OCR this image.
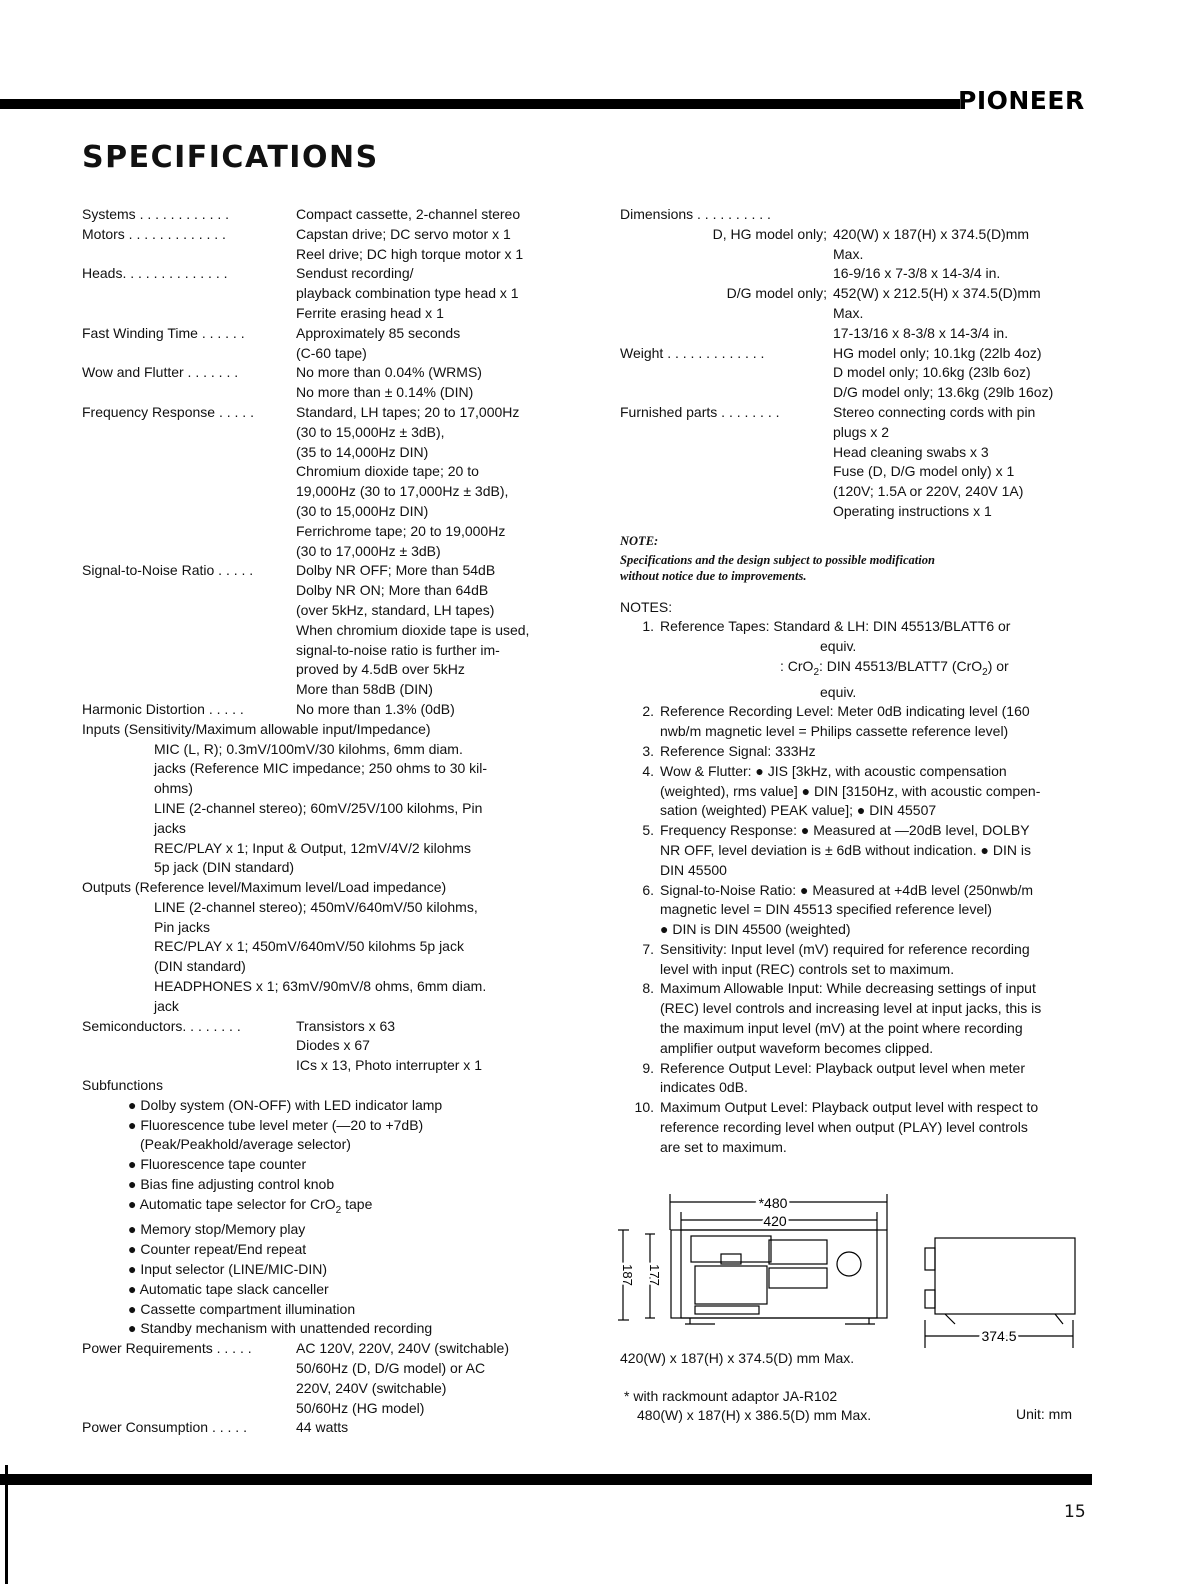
PIONEER
SPECIFICATIONS
Systems . . . . . . . . . . . .	Compact cassette, 2-channel stereo
Motors . . . . . . . . . . . . .	Capstan drive; DC servo motor x 1
Reel drive; DC high torque motor x 1
Heads. . . . . . . . . . . . . .	Sendust recording/
playback combination type head x 1
Ferrite erasing head x 1
Fast Winding Time . . . . . .	Approximately 85 seconds
(C-60 tape)
Wow and Flutter . . . . . . .	No more than 0.04% (WRMS)
No more than ± 0.14% (DIN)
Frequency Response . . . . .	Standard, LH tapes; 20 to 17,000Hz
(30 to 15,000Hz ± 3dB),
(35 to 14,000Hz DIN)
Chromium dioxide tape; 20 to
19,000Hz (30 to 17,000Hz ± 3dB),
(30 to 15,000Hz DIN)
Ferrichrome tape; 20 to 19,000Hz
(30 to 17,000Hz ± 3dB)
Signal-to-Noise Ratio . . . . .	Dolby NR OFF; More than 54dB
Dolby NR ON; More than 64dB
(over 5kHz, standard, LH tapes)
When chromium dioxide tape is used,
signal-to-noise ratio is further im-
proved by 4.5dB over 5kHz
More than 58dB (DIN)
Harmonic Distortion . . . . .	No more than 1.3% (0dB)
Inputs (Sensitivity/Maximum allowable input/Impedance)
MIC (L, R); 0.3mV/100mV/30 kilohms, 6mm diam.
jacks (Reference MIC impedance; 250 ohms to 30 kil-
ohms)
LINE (2-channel stereo); 60mV/25V/100 kilohms, Pin
jacks
REC/PLAY x 1; Input & Output, 12mV/4V/2 kilohms
5p jack (DIN standard)
Outputs (Reference level/Maximum level/Load impedance)
LINE (2-channel stereo); 450mV/640mV/50 kilohms,
Pin jacks
REC/PLAY x 1; 450mV/640mV/50 kilohms 5p jack
(DIN standard)
HEADPHONES x 1; 63mV/90mV/8 ohms, 6mm diam.
jack
Semiconductors. . . . . . . .	Transistors x 63
Diodes x 67
ICs x 13, Photo interrupter x 1
Subfunctions
● Dolby system (ON-OFF) with LED indicator lamp
● Fluorescence tube level meter (—20 to +7dB)
(Peak/Peakhold/average selector)
● Fluorescence tape counter
● Bias fine adjusting control knob
● Automatic tape selector for CrO$_2$ tape
● Memory stop/Memory play
● Counter repeat/End repeat
● Input selector (LINE/MIC-DIN)
● Automatic tape slack canceller
● Cassette compartment illumination
● Standby mechanism with unattended recording
Power Requirements . . . . .	AC 120V, 220V, 240V (switchable)
50/60Hz (D, D/G model) or AC
220V, 240V (switchable)
50/60Hz (HG model)
Power Consumption . . . . .	44 watts
Dimensions . . . . . . . . . .
D, HG model only; 420(W) x 187(H) x 374.5(D)mm
Max.
16-9/16 x 7-3/8 x 14-3/4 in.
D/G model only; 452(W) x 212.5(H) x 374.5(D)mm
Max.
17-13/16 x 8-3/8 x 14-3/4 in.
Weight . . . . . . . . . . . . .	HG model only; 10.1kg (22lb 4oz)
D model only; 10.6kg (23lb 6oz)
D/G model only; 13.6kg (29lb 16oz)
Furnished parts . . . . . . . .	Stereo connecting cords with pin
plugs x 2
Head cleaning swabs x 3
Fuse (D, D/G model only) x 1
(120V; 1.5A or 220V, 240V 1A)
Operating instructions x 1
NOTE:
Specifications and the design subject to possible modification
without notice due to improvements.
NOTES:
1. Reference Tapes: Standard & LH: DIN 45513/BLATT6 or
equiv.
: CrO$_2$: DIN 45513/BLATT7 (CrO$_2$) or
equiv.
2. Reference Recording Level: Meter 0dB indicating level (160
nwb/m magnetic level = Philips cassette reference level)
3. Reference Signal: 333Hz
4. Wow & Flutter: ● JIS [3kHz, with acoustic compensation
(weighted), rms value] ● DIN [3150Hz, with acoustic compen-
sation (weighted) PEAK value]; ● DIN 45507
5. Frequency Response: ● Measured at —20dB level, DOLBY
NR OFF, level deviation is ± 6dB without indication. ● DIN is
DIN 45500
6. Signal-to-Noise Ratio: ● Measured at +4dB level (250nwb/m
magnetic level = DIN 45513 specified reference level)
● DIN is DIN 45500 (weighted)
7. Sensitivity: Input level (mV) required for reference recording
level with input (REC) controls set to maximum.
8. Maximum Allowable Input: While decreasing settings of input
(REC) level controls and increasing level at input jacks, this is
the maximum input level (mV) at the point where recording
amplifier output waveform becomes clipped.
9. Reference Output Level: Playback output level when meter
indicates 0dB.
10. Maximum Output Level: Playback output level with respect to
reference recording level when output (PLAY) level controls
are set to maximum.
*480
420
187 177
374.5
420(W) x 187(H) x 374.5(D) mm Max.
* with rackmount adaptor JA-R102
480(W) x 187(H) x 386.5(D) mm Max.	Unit: mm
15
